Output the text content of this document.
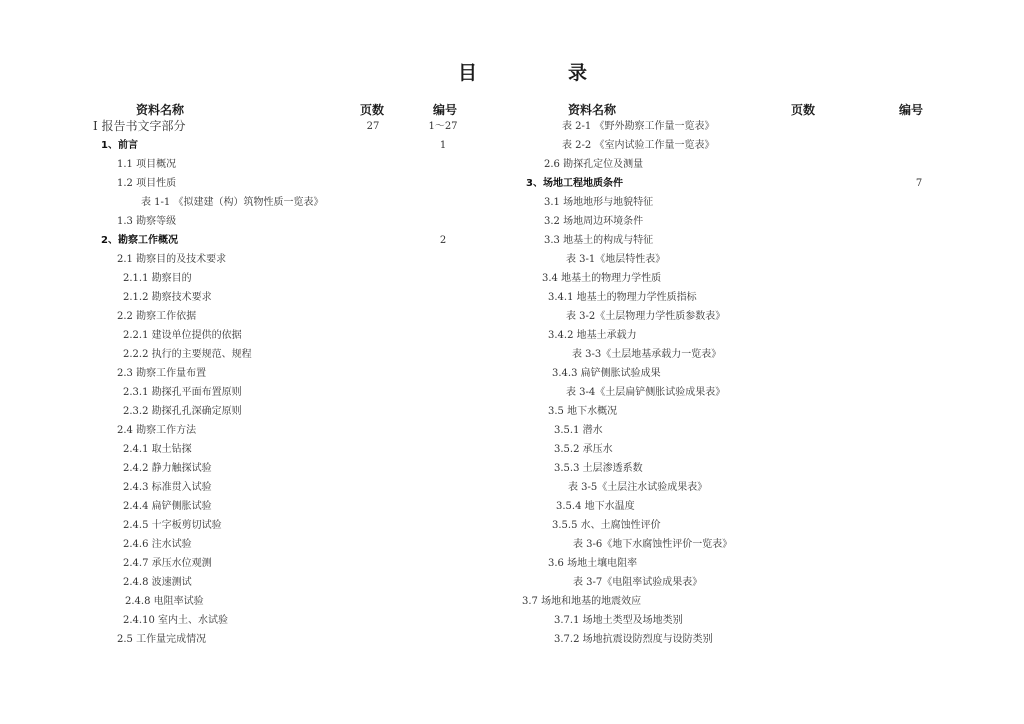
目	录
资料名称	页数	编号	资料名称	页数	编号
Ⅰ 报告书文字部分	27	1～27
1、前言	1
1.1 项目概况
1.2 项目性质
表 1-1 《拟建建（构）筑物性质一览表》
1.3 勘察等级
2、勘察工作概况	2
2.1 勘察目的及技术要求
2.1.1 勘察目的
2.1.2 勘察技术要求
2.2 勘察工作依据
2.2.1 建设单位提供的依据
2.2.2 执行的主要规范、规程
2.3 勘察工作量布置
2.3.1 勘探孔平面布置原则
2.3.2 勘探孔孔深确定原则
2.4 勘察工作方法
2.4.1 取土钻探
2.4.2 静力触探试验
2.4.3 标准贯入试验
2.4.4 扁铲侧胀试验
2.4.5 十字板剪切试验
2.4.6 注水试验
2.4.7 承压水位观测
2.4.8 波速测试
2.4.8 电阻率试验
2.4.10 室内土、水试验
2.5 工作量完成情况
表 2-1 《野外勘察工作量一览表》
表 2-2 《室内试验工作量一览表》
2.6 勘探孔定位及测量
3、场地工程地质条件	7
3.1 场地地形与地貌特征
3.2 场地周边环境条件
3.3 地基土的构成与特征
表 3-1《地层特性表》
3.4 地基土的物理力学性质
3.4.1 地基土的物理力学性质指标
表 3-2《土层物理力学性质参数表》
3.4.2 地基土承载力
表 3-3《土层地基承载力一览表》
3.4.3 扁铲侧胀试验成果
表 3-4《土层扁铲侧胀试验成果表》
3.5 地下水概况
3.5.1 潜水
3.5.2 承压水
3.5.3 土层渗透系数
表 3-5《土层注水试验成果表》
3.5.4 地下水温度
3.5.5 水、土腐蚀性评价
表 3-6《地下水腐蚀性评价一览表》
3.6 场地土壤电阻率
表 3-7《电阻率试验成果表》
3.7 场地和地基的地震效应
3.7.1 场地土类型及场地类别
3.7.2 场地抗震设防烈度与设防类别
